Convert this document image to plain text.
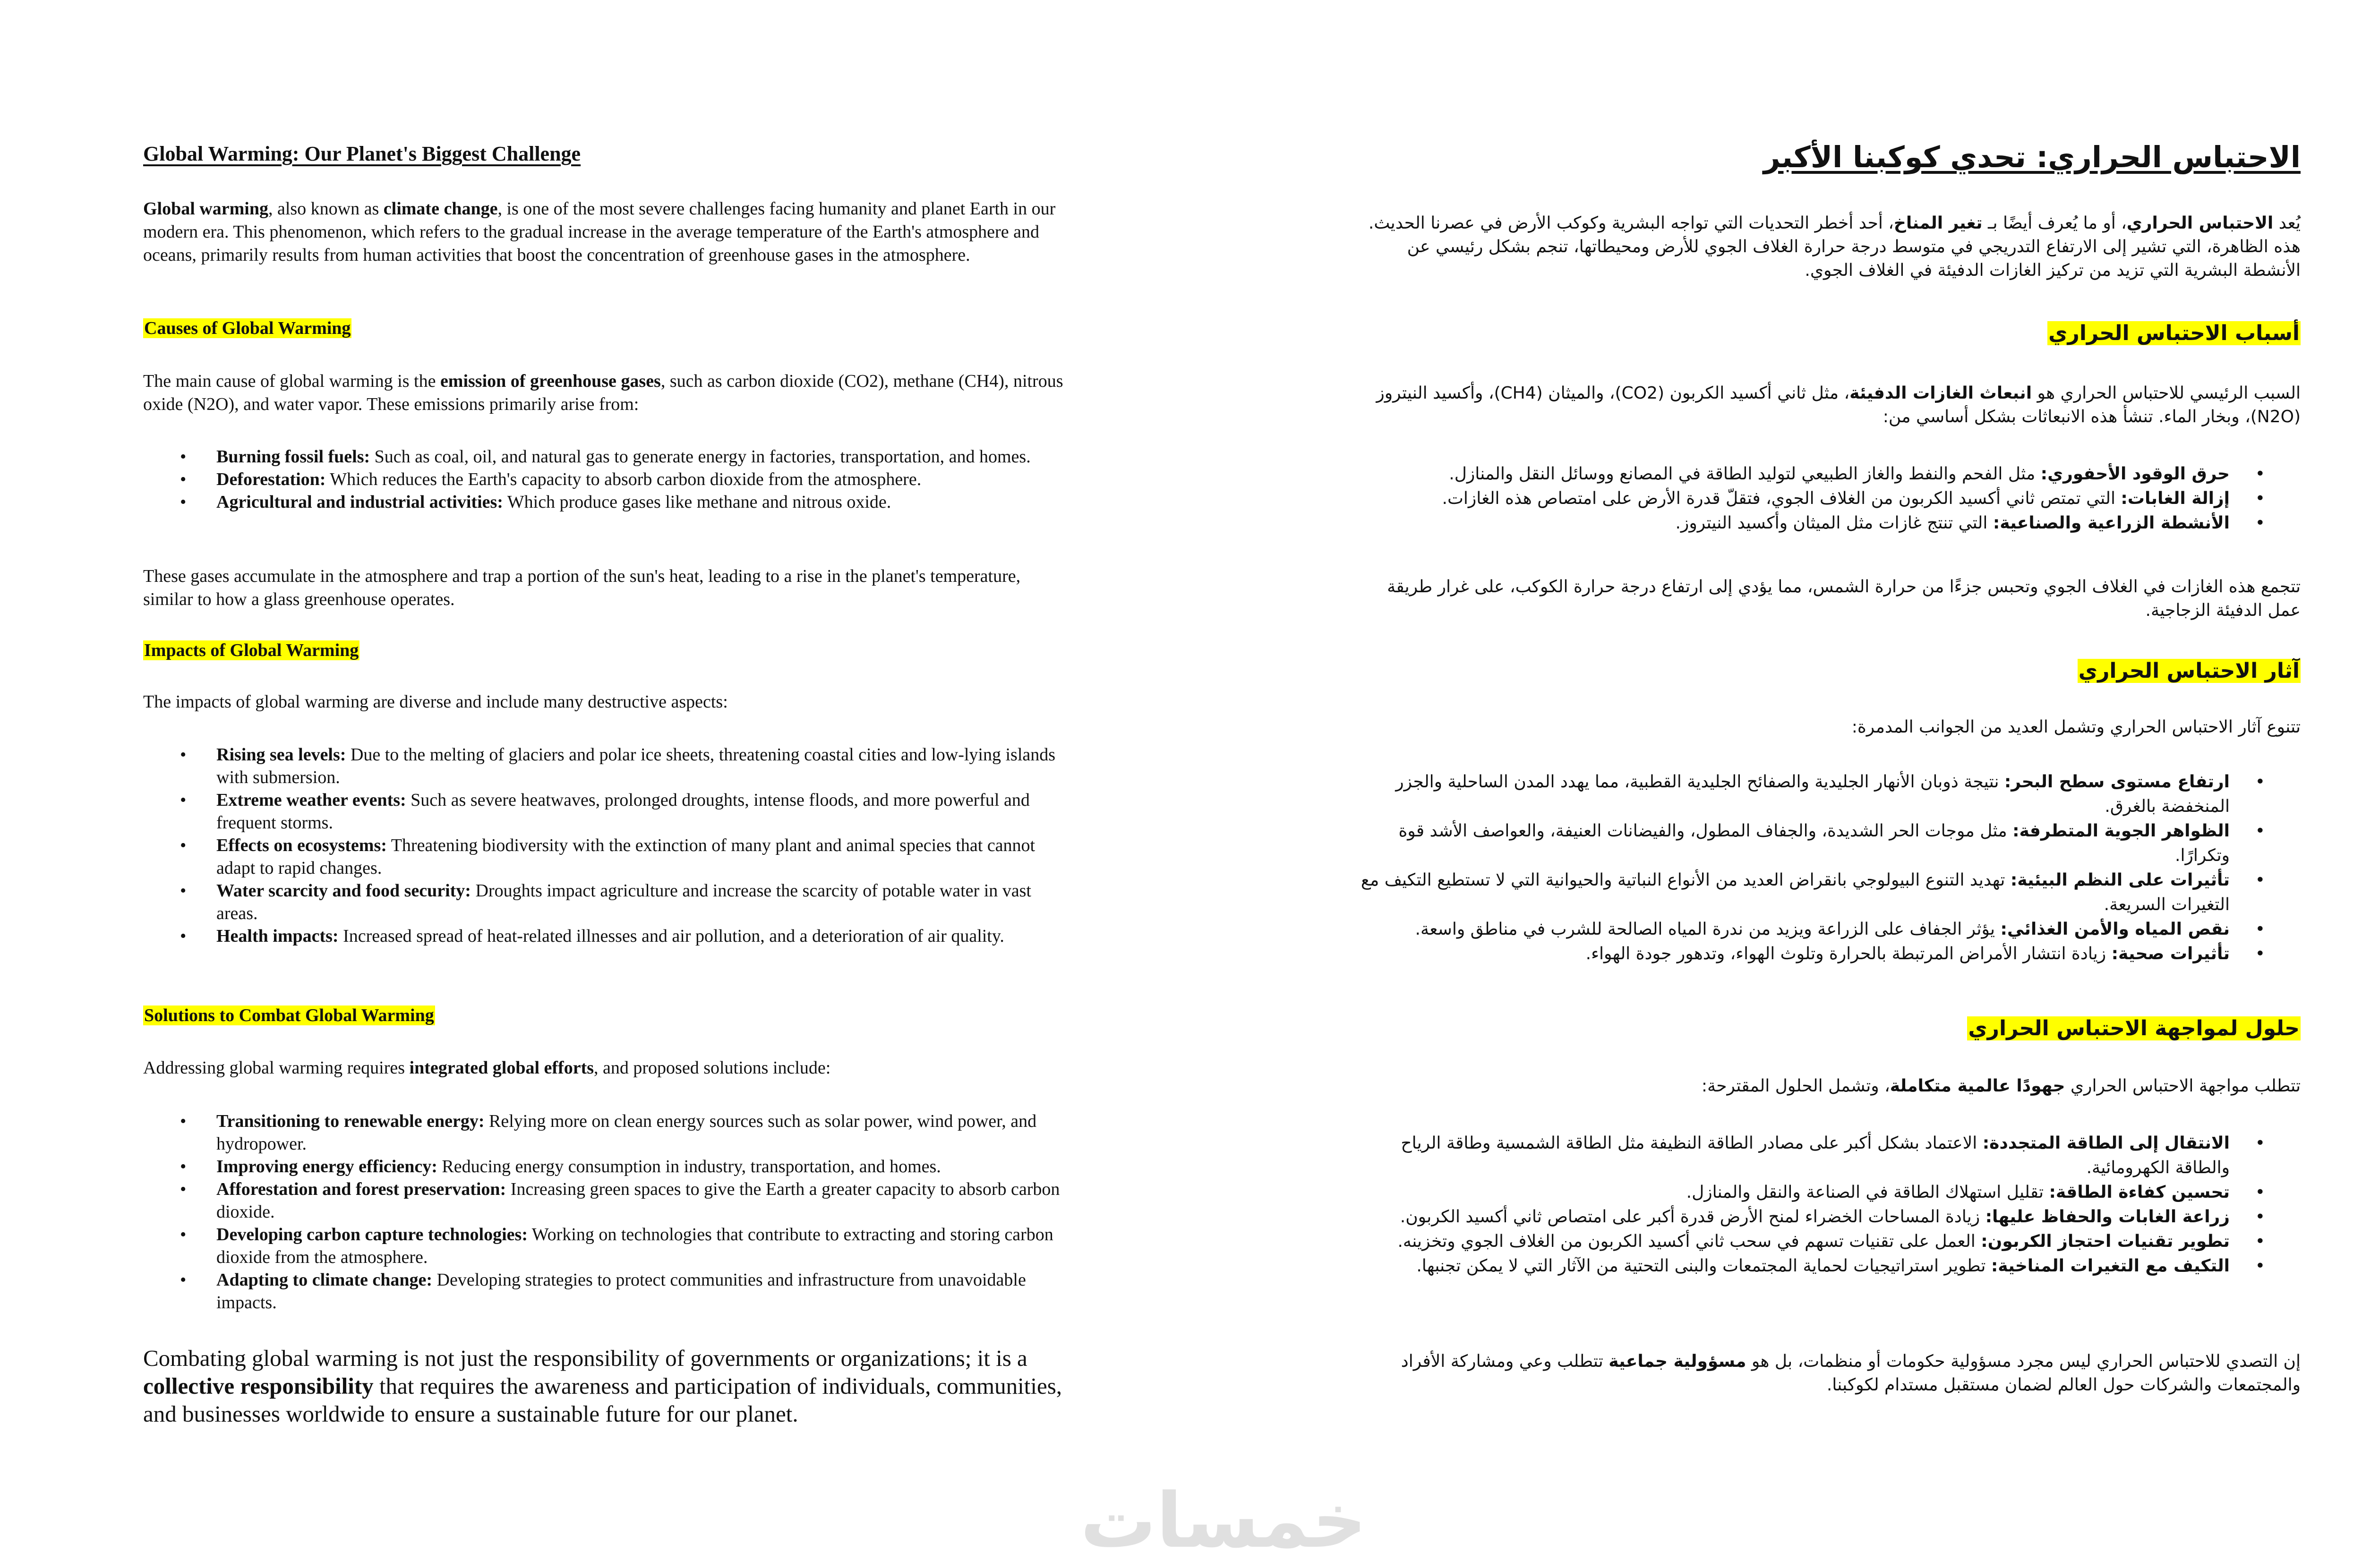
Global Warming: Our Planet's Biggest Challenge

Global warming, also known as climate change, is one of the most severe challenges facing humanity and planet Earth in our modern era. This phenomenon, which refers to the gradual increase in the average temperature of the Earth's atmosphere and oceans, primarily results from human activities that boost the concentration of greenhouse gases in the atmosphere.

Causes of Global Warming

The main cause of global warming is the emission of greenhouse gases, such as carbon dioxide (CO2), methane (CH4), nitrous oxide (N2O), and water vapor. These emissions primarily arise from:

• Burning fossil fuels: Such as coal, oil, and natural gas to generate energy in factories, transportation, and homes.
• Deforestation: Which reduces the Earth's capacity to absorb carbon dioxide from the atmosphere.
• Agricultural and industrial activities: Which produce gases like methane and nitrous oxide.

These gases accumulate in the atmosphere and trap a portion of the sun's heat, leading to a rise in the planet's temperature, similar to how a glass greenhouse operates.

Impacts of Global Warming

The impacts of global warming are diverse and include many destructive aspects:

• Rising sea levels: Due to the melting of glaciers and polar ice sheets, threatening coastal cities and low-lying islands with submersion.
• Extreme weather events: Such as severe heatwaves, prolonged droughts, intense floods, and more powerful and frequent storms.
• Effects on ecosystems: Threatening biodiversity with the extinction of many plant and animal species that cannot adapt to rapid changes.
• Water scarcity and food security: Droughts impact agriculture and increase the scarcity of potable water in vast areas.
• Health impacts: Increased spread of heat-related illnesses and air pollution, and a deterioration of air quality.
Solutions to Combat Global Warming

Addressing global warming requires integrated global efforts, and proposed solutions include:

• Transitioning to renewable energy: Relying more on clean energy sources such as solar power, wind power, and hydropower.
• Improving energy efficiency: Reducing energy consumption in industry, transportation, and homes.
• Afforestation and forest preservation: Increasing green spaces to give the Earth a greater capacity to absorb carbon dioxide.
• Developing carbon capture technologies: Working on technologies that contribute to extracting and storing carbon dioxide from the atmosphere.
• Adapting to climate change: Developing strategies to protect communities and infrastructure from unavoidable impacts.

Combating global warming is not just the responsibility of governments or organizations; it is a collective responsibility that requires the awareness and participation of individuals, communities, and businesses worldwide to ensure a sustainable future for our planet.

الاحتباس الحراري: تحدي كوكبنا الأكبر

يُعد الاحتباس الحراري، أو ما يُعرف أيضًا بـ تغير المناخ، أحد أخطر التحديات التي تواجه البشرية وكوكب الأرض في عصرنا الحديث. هذه الظاهرة، التي تشير إلى الارتفاع التدريجي في متوسط درجة حرارة الغلاف الجوي للأرض ومحيطاتها، تنجم بشكل رئيسي عن الأنشطة البشرية التي تزيد من تركيز الغازات الدفيئة في الغلاف الجوي.

أسباب الاحتباس الحراري

السبب الرئيسي للاحتباس الحراري هو انبعاث الغازات الدفيئة، مثل ثاني أكسيد الكربون (CO2)، والميثان (CH4)، وأكسيد النيتروز (N2O)، وبخار الماء. تنشأ هذه الانبعاثات بشكل أساسي من:

• حرق الوقود الأحفوري: مثل الفحم والنفط والغاز الطبيعي لتوليد الطاقة في المصانع ووسائل النقل والمنازل.
• إزالة الغابات: التي تمتص ثاني أكسيد الكربون من الغلاف الجوي، فتقلّ قدرة الأرض على امتصاص هذه الغازات.
• الأنشطة الزراعية والصناعية: التي تنتج غازات مثل الميثان وأكسيد النيتروز.

تتجمع هذه الغازات في الغلاف الجوي وتحبس جزءًا من حرارة الشمس، مما يؤدي إلى ارتفاع درجة حرارة الكوكب، على غرار طريقة عمل الدفيئة الزجاجية.

آثار الاحتباس الحراري

تتنوع آثار الاحتباس الحراري وتشمل العديد من الجوانب المدمرة:

• ارتفاع مستوى سطح البحر: نتيجة ذوبان الأنهار الجليدية والصفائح الجليدية القطبية، مما يهدد المدن الساحلية والجزر المنخفضة بالغرق.
• الظواهر الجوية المتطرفة: مثل موجات الحر الشديدة، والجفاف المطول، والفيضانات العنيفة، والعواصف الأشد قوة وتكرارًا.
• تأثيرات على النظم البيئية: تهديد التنوع البيولوجي بانقراض العديد من الأنواع النباتية والحيوانية التي لا تستطيع التكيف مع التغيرات السريعة.
• نقص المياه والأمن الغذائي: يؤثر الجفاف على الزراعة ويزيد من ندرة المياه الصالحة للشرب في مناطق واسعة.
• تأثيرات صحية: زيادة انتشار الأمراض المرتبطة بالحرارة وتلوث الهواء، وتدهور جودة الهواء.
حلول لمواجهة الاحتباس الحراري

تتطلب مواجهة الاحتباس الحراري جهودًا عالمية متكاملة، وتشمل الحلول المقترحة:

• الانتقال إلى الطاقة المتجددة: الاعتماد بشكل أكبر على مصادر الطاقة النظيفة مثل الطاقة الشمسية وطاقة الرياح والطاقة الكهرومائية.
• تحسين كفاءة الطاقة: تقليل استهلاك الطاقة في الصناعة والنقل والمنازل.
• زراعة الغابات والحفاظ عليها: زيادة المساحات الخضراء لمنح الأرض قدرة أكبر على امتصاص ثاني أكسيد الكربون.
• تطوير تقنيات احتجاز الكربون: العمل على تقنيات تسهم في سحب ثاني أكسيد الكربون من الغلاف الجوي وتخزينه.
• التكيف مع التغيرات المناخية: تطوير استراتيجيات لحماية المجتمعات والبنى التحتية من الآثار التي لا يمكن تجنبها.

إن التصدي للاحتباس الحراري ليس مجرد مسؤولية حكومات أو منظمات، بل هو مسؤولية جماعية تتطلب وعي ومشاركة الأفراد والمجتمعات والشركات حول العالم لضمان مستقبل مستدام لكوكبنا.

خمسات
